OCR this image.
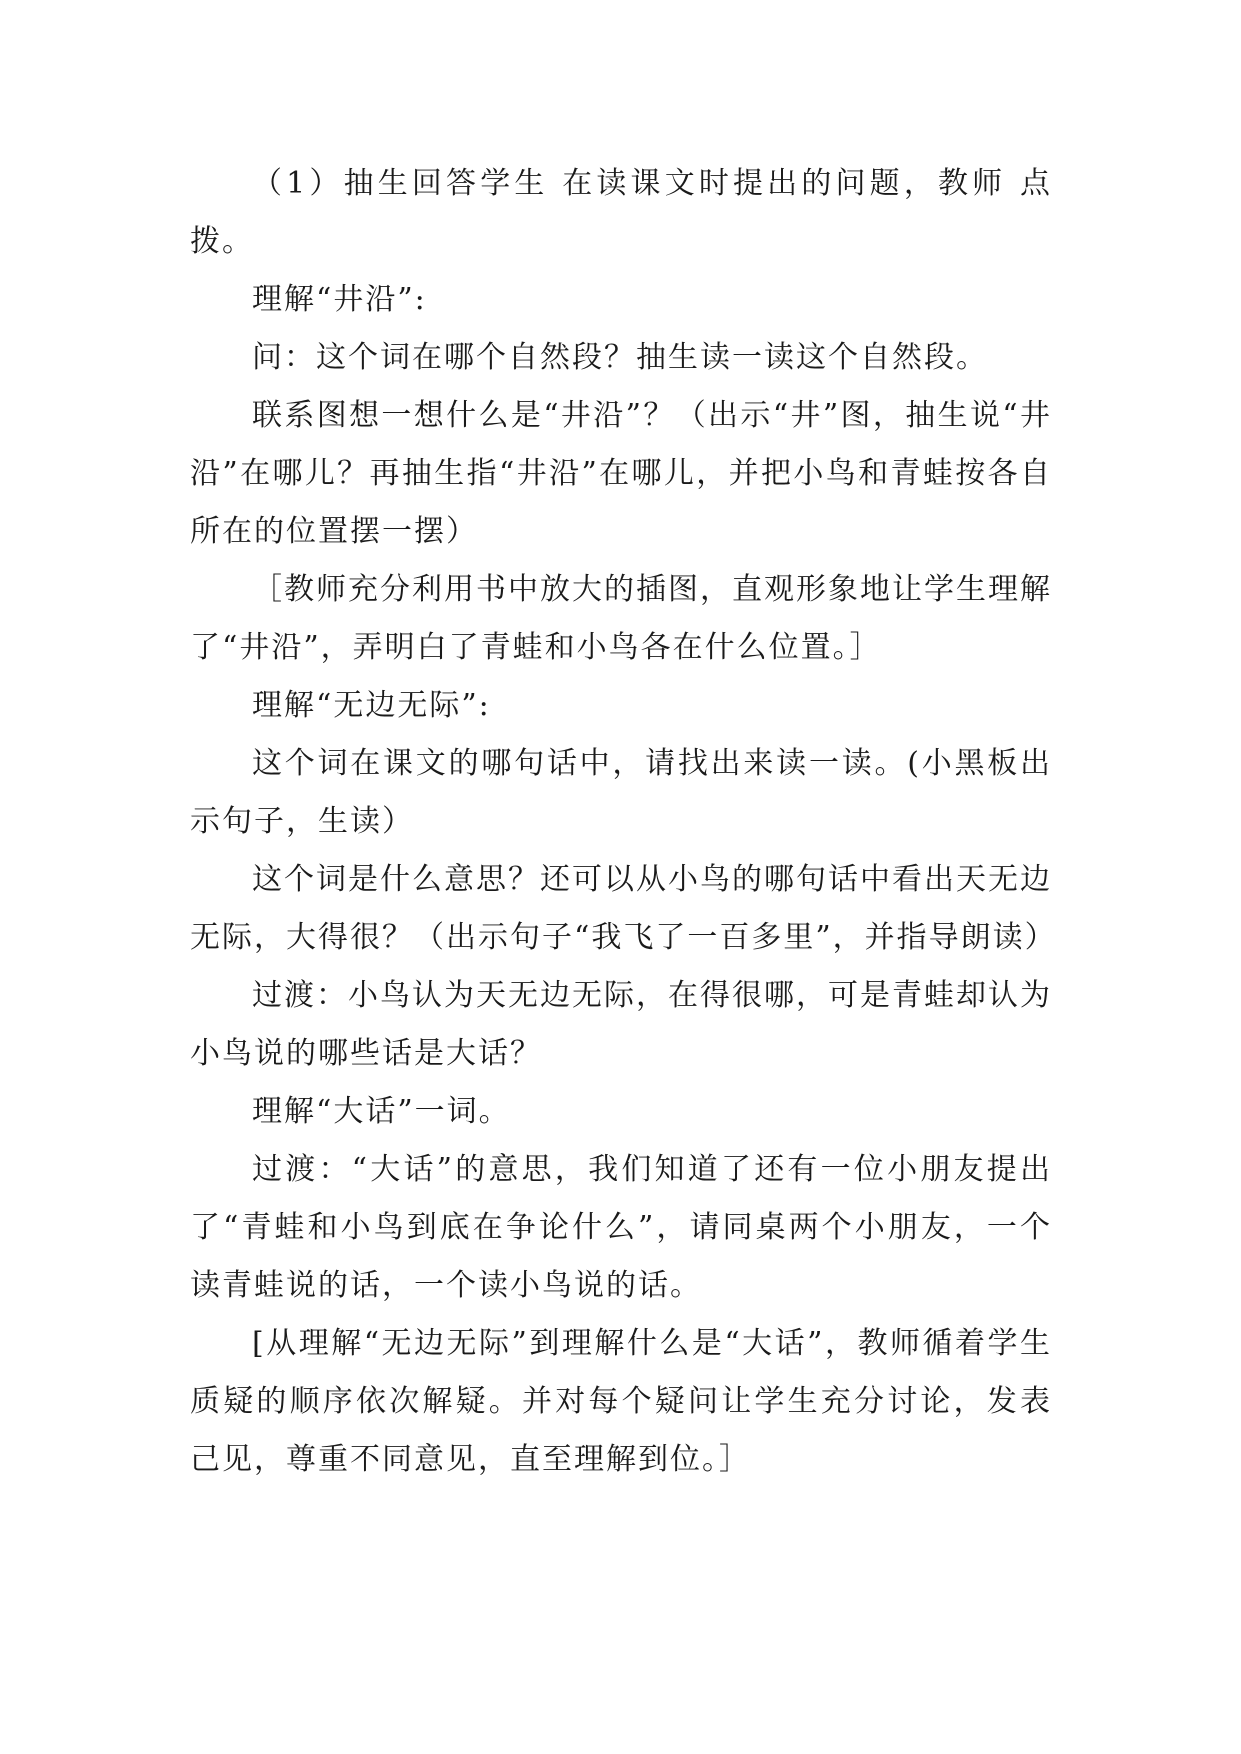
（1）抽生回答学生 在读课文时提出的问题，教师 点拨。

理解“井沿”:

问：这个词在哪个自然段？抽生读一读这个自然段。

联系图想一想什么是“井沿”？（出示“井”图，抽生说“井沿”在哪儿？再抽生指“井沿”在哪儿，并把小鸟和青蛙按各自所在的位置摆一摆）

［教师充分利用书中放大的插图，直观形象地让学生理解了“井沿”，弄明白了青蛙和小鸟各在什么位置。］

理解“无边无际”:

这个词在课文的哪句话中，请找出来读一读。(小黑板出示句子，生读）

这个词是什么意思？还可以从小鸟的哪句话中看出天无边无际，大得很？（出示句子“我飞了一百多里”，并指导朗读）

过渡：小鸟认为天无边无际，在得很哪，可是青蛙却认为小鸟说的哪些话是大话？

理解“大话”一词。

过渡：“大话”的意思，我们知道了还有一位小朋友提出了“青蛙和小鸟到底在争论什么”，请同桌两个小朋友，一个读青蛙说的话，一个读小鸟说的话。

[从理解“无边无际”到理解什么是“大话”，教师循着学生质疑的顺序依次解疑。并对每个疑问让学生充分讨论，发表己见，尊重不同意见，直至理解到位。］
